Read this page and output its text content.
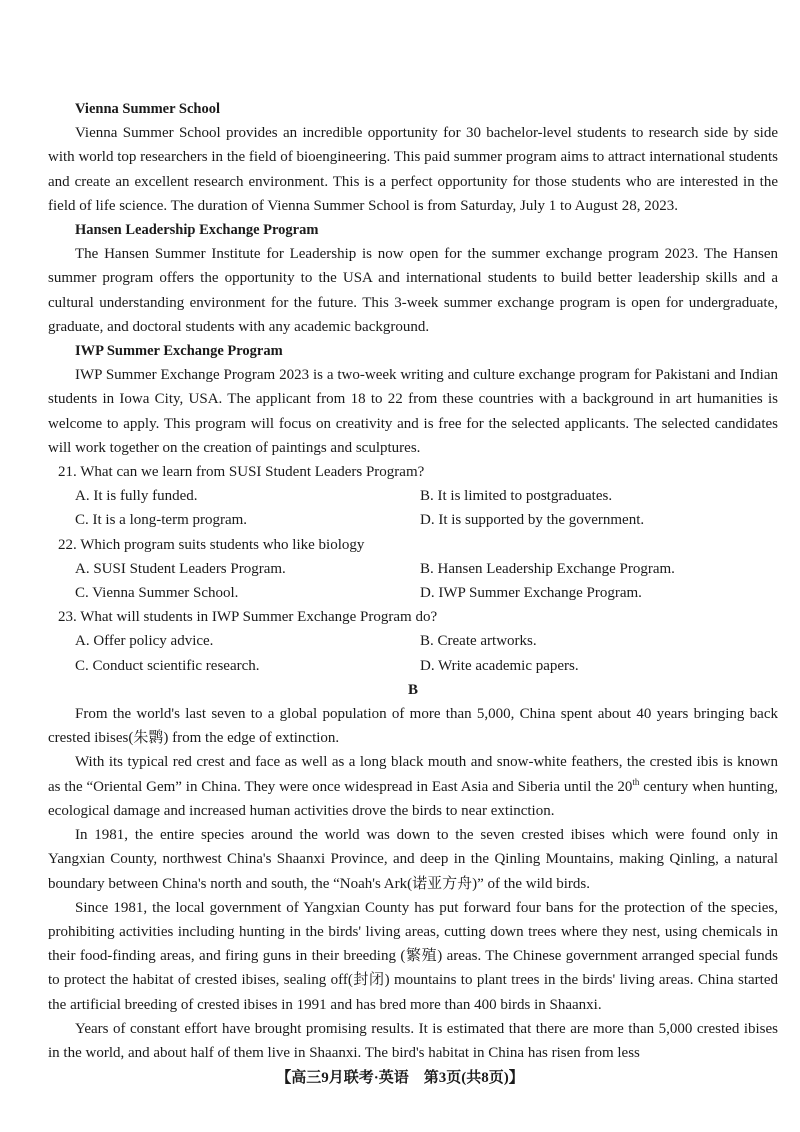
Vienna Summer School

Vienna Summer School provides an incredible opportunity for 30 bachelor-level students to research side by side with world top researchers in the field of bioengineering. This paid summer program aims to attract international students and create an excellent research environment. This is a perfect opportunity for those students who are interested in the field of life science. The duration of Vienna Summer School is from Saturday, July 1 to August 28, 2023.

Hansen Leadership Exchange Program

The Hansen Summer Institute for Leadership is now open for the summer exchange program 2023. The Hansen summer program offers the opportunity to the USA and international students to build better leadership skills and a cultural understanding environment for the future. This 3-week summer exchange program is open for undergraduate, graduate, and doctoral students with any academic background.

IWP Summer Exchange Program

IWP Summer Exchange Program 2023 is a two-week writing and culture exchange program for Pakistani and Indian students in Iowa City, USA. The applicant from 18 to 22 from these countries with a background in art humanities is welcome to apply. This program will focus on creativity and is free for the selected applicants. The selected candidates will work together on the creation of paintings and sculptures.

21. What can we learn from SUSI Student Leaders Program?
A. It is fully funded.	B. It is limited to postgraduates.
C. It is a long-term program.	D. It is supported by the government.
22. Which program suits students who like biology
A. SUSI Student Leaders Program.	B. Hansen Leadership Exchange Program.
C. Vienna Summer School.	D. IWP Summer Exchange Program.
23. What will students in IWP Summer Exchange Program do?
A. Offer policy advice.	B. Create artworks.
C. Conduct scientific research.	D. Write academic papers.
B

From the world's last seven to a global population of more than 5,000, China spent about 40 years bringing back crested ibises(朱鹮) from the edge of extinction.

With its typical red crest and face as well as a long black mouth and snow-white feathers, the crested ibis is known as the “Oriental Gem” in China. They were once widespread in East Asia and Siberia until the 20th century when hunting, ecological damage and increased human activities drove the birds to near extinction.

In 1981, the entire species around the world was down to the seven crested ibises which were found only in Yangxian County, northwest China's Shaanxi Province, and deep in the Qinling Mountains, making Qinling, a natural boundary between China's north and south, the “Noah's Ark(诺亚方舟)” of the wild birds.

Since 1981, the local government of Yangxian County has put forward four bans for the protection of the species, prohibiting activities including hunting in the birds' living areas, cutting down trees where they nest, using chemicals in their food-finding areas, and firing guns in their breeding (繁殖) areas. The Chinese government arranged special funds to protect the habitat of crested ibises, sealing off(封闭) mountains to plant trees in the birds' living areas. China started the artificial breeding of crested ibises in 1991 and has bred more than 400 birds in Shaanxi.

Years of constant effort have brought promising results. It is estimated that there are more than 5,000 crested ibises in the world, and about half of them live in Shaanxi. The bird's habitat in China has risen from less

【高三9月联考·英语　第3页(共8页)】
